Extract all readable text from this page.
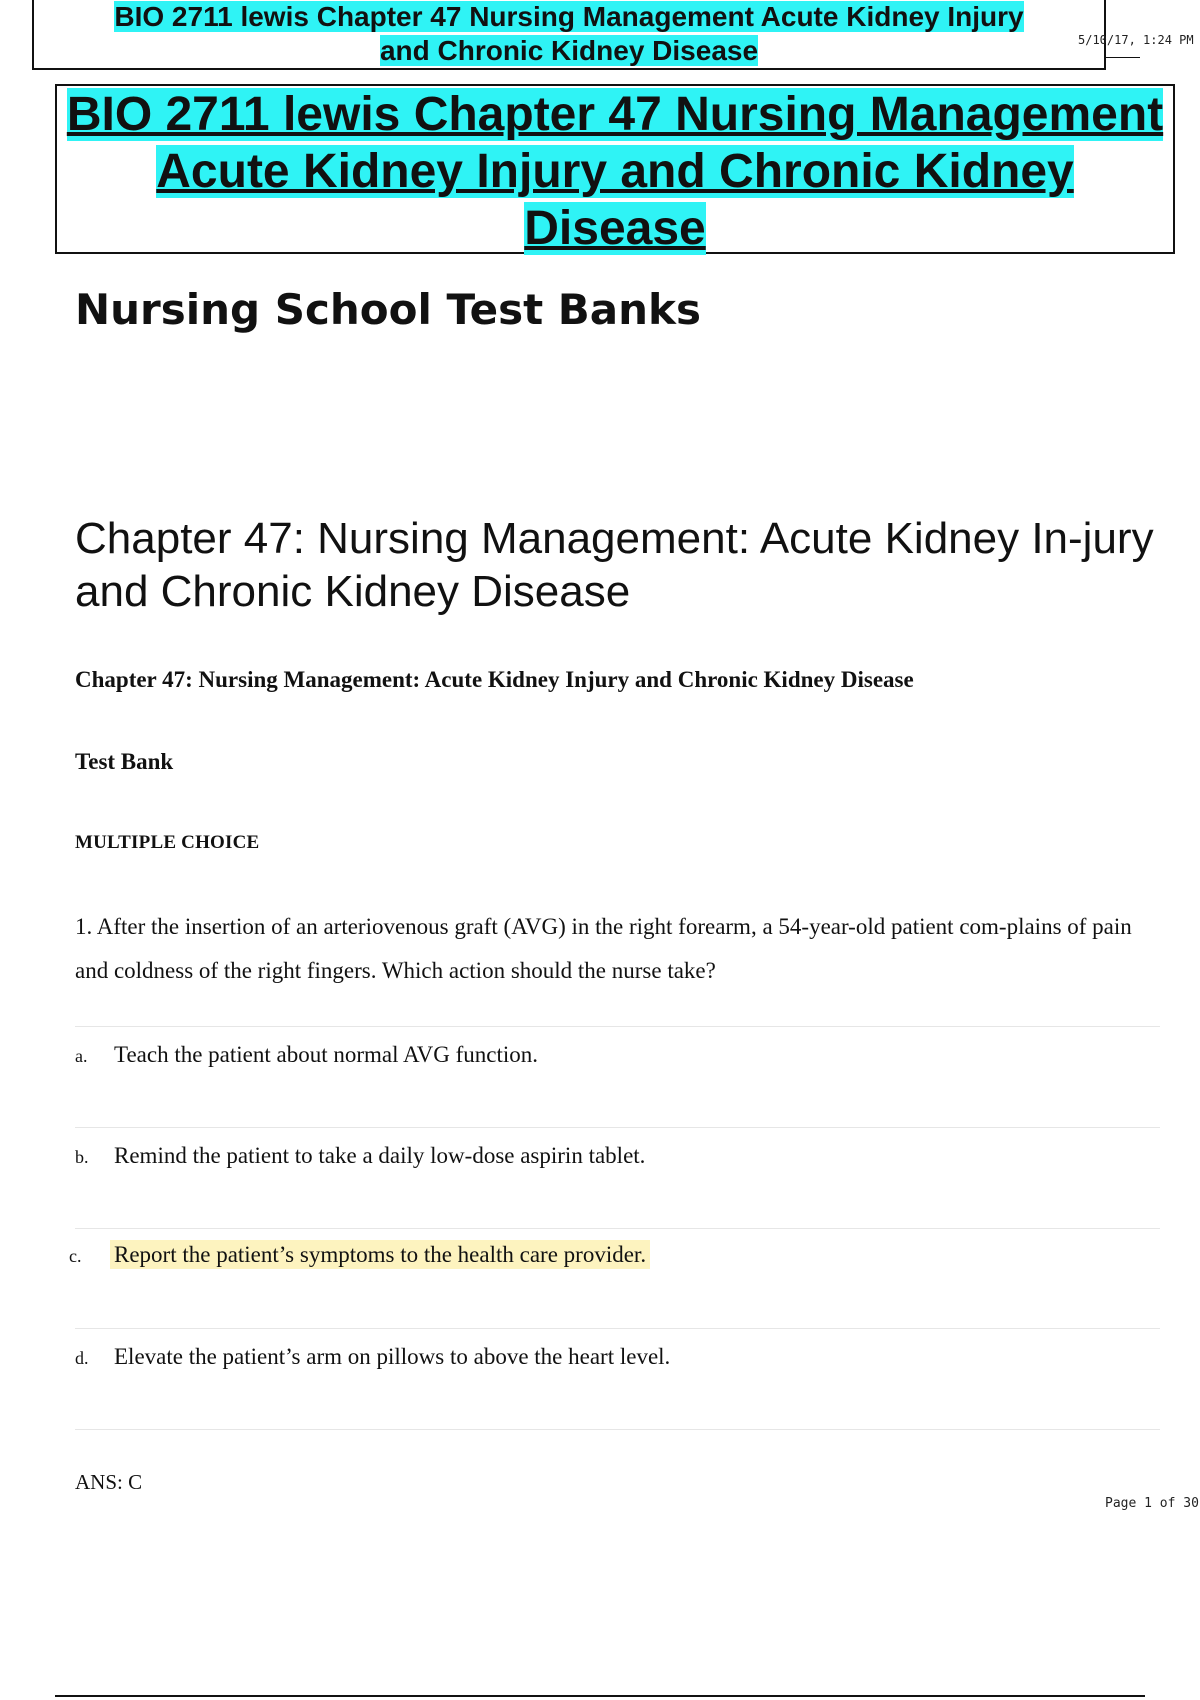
BIO 2711 lewis Chapter 47 Nursing Management Acute Kidney Injury
and Chronic Kidney Disease	5/10/17, 1:24 PM
BIO 2711 lewis Chapter 47 Nursing Management
Acute Kidney Injury and Chronic Kidney
Disease
Nursing School Test Banks
Chapter 47: Nursing Management: Acute Kidney In-jury and Chronic Kidney Disease
Chapter 47: Nursing Management: Acute Kidney Injury and Chronic Kidney Disease
Test Bank
MULTIPLE CHOICE
1. After the insertion of an arteriovenous graft (AVG) in the right forearm, a 54-year-old patient com-plains of pain and coldness of the right fingers. Which action should the nurse take?
a. Teach the patient about normal AVG function.
b. Remind the patient to take a daily low-dose aspirin tablet.
c. Report the patient’s symptoms to the health care provider.
d. Elevate the patient’s arm on pillows to above the heart level.
ANS: C
Page 1 of 30
